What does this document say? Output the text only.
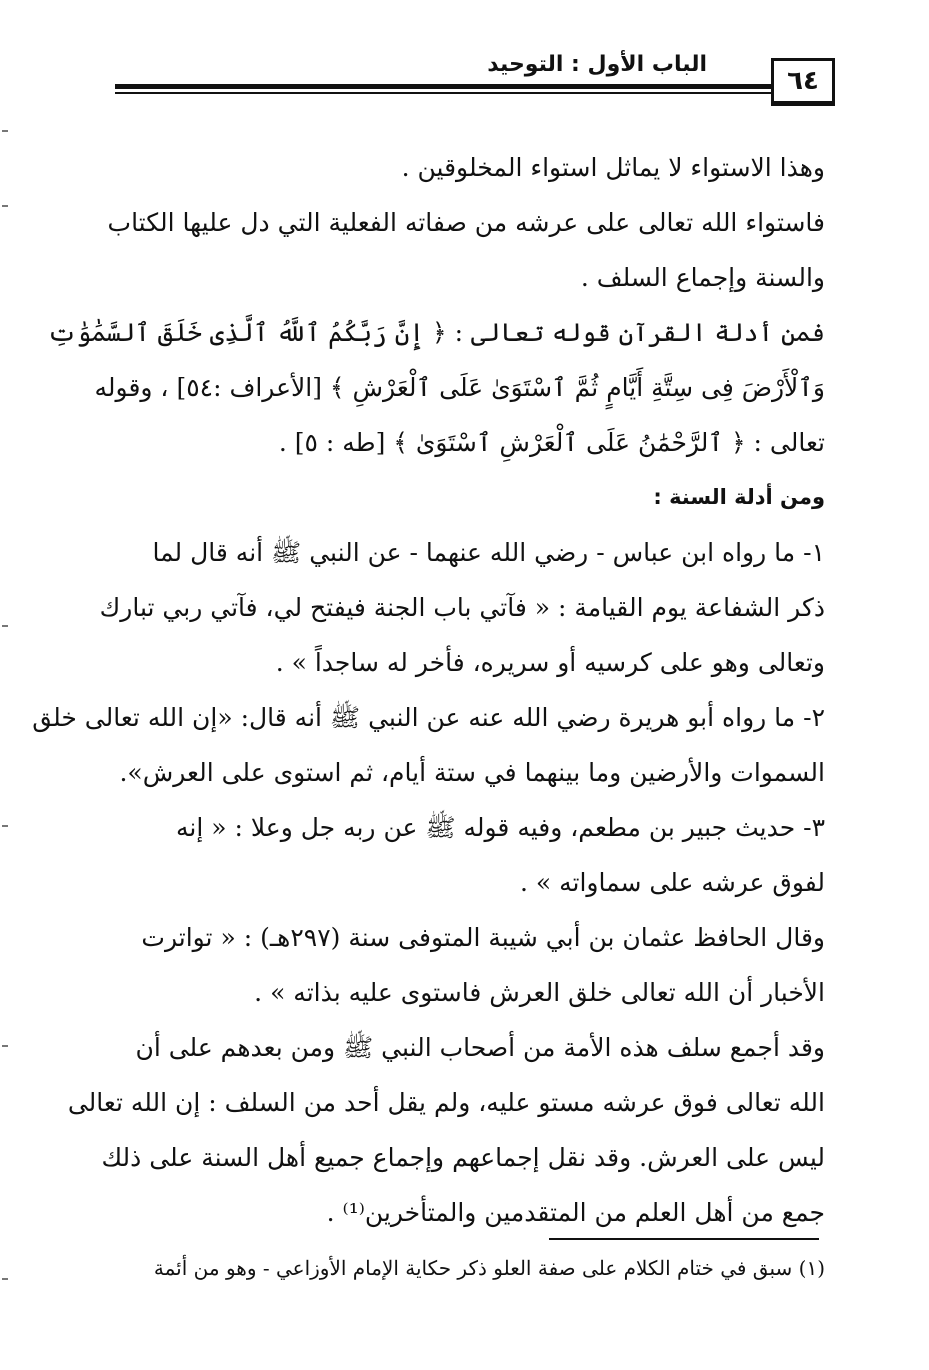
الباب الأول : التوحيد
٦٤
وهذا الاستواء لا يماثل استواء المخلوقين .
فاستواء الله تعالى على عرشه من صفاته الفعلية التي دل عليها الكتاب
والسنة وإجماع السلف .
فمن أدلة القرآن قوله تعالى : ﴿ إِنَّ رَبَّكُمُ ٱللَّهُ ٱلَّذِى خَلَقَ ٱلسَّمَٰوَٰتِ
وَٱلْأَرْضَ فِى سِتَّةِ أَيَّامٍ ثُمَّ ٱسْتَوَىٰ عَلَى ٱلْعَرْشِ ﴾ [الأعراف :٥٤] ، وقوله
تعالى : ﴿ ٱلرَّحْمَٰنُ عَلَى ٱلْعَرْشِ ٱسْتَوَىٰ ﴾ [طه : ٥] .
ومن أدلة السنة :
١- ما رواه ابن عباس - رضي الله عنهما - عن النبي ﷺ أنه قال لما
ذكر الشفاعة يوم القيامة : « فآتي باب الجنة فيفتح لي، فآتي ربي تبارك
وتعالى وهو على كرسيه أو سريره، فأخر له ساجداً » .
٢- ما رواه أبو هريرة رضي الله عنه عن النبي ﷺ أنه قال: «إن الله تعالى خلق
السموات والأرضين وما بينهما في ستة أيام، ثم استوى على العرش».
٣- حديث جبير بن مطعم، وفيه قوله ﷺ عن ربه جل وعلا : « إنه
لفوق عرشه على سماواته » .
وقال الحافظ عثمان بن أبي شيبة المتوفى سنة (٢٩٧هـ) : « تواترت
الأخبار أن الله تعالى خلق العرش فاستوى عليه بذاته » .
وقد أجمع سلف هذه الأمة من أصحاب النبي ﷺ ومن بعدهم على أن
الله تعالى فوق عرشه مستو عليه، ولم يقل أحد من السلف : إن الله تعالى
ليس على العرش. وقد نقل إجماعهم وإجماع جميع أهل السنة على ذلك
جمع من أهل العلم من المتقدمين والمتأخرين⁽¹⁾ .
(١) سبق في ختام الكلام على صفة العلو ذكر حكاية الإمام الأوزاعي - وهو من أئمة
